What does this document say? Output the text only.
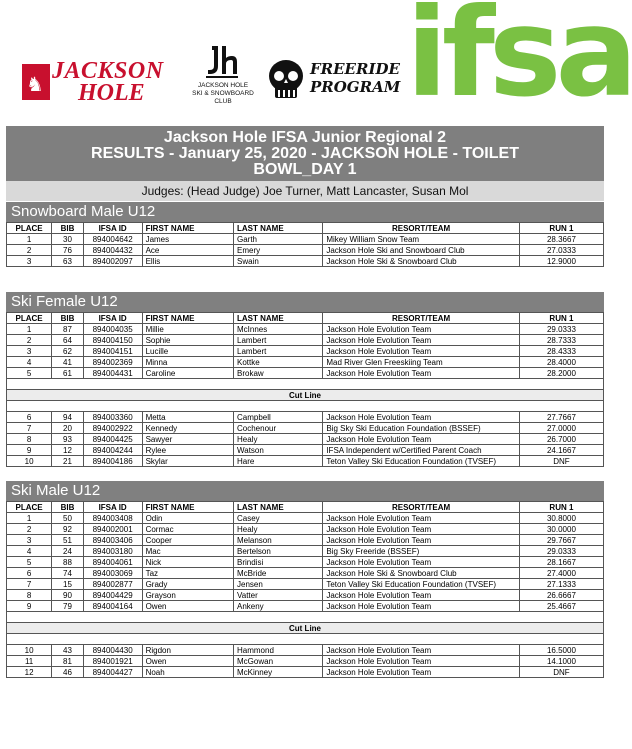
♞ JACKSON
HOLE	JACKSON HOLE
SKI & SNOWBOARD CLUB
FREERIDE
PROGRAM ifsa
Jackson Hole IFSA Junior Regional 2
RESULTS - January 25, 2020 - JACKSON HOLE - TOILET
BOWL_DAY 1
Judges: (Head Judge) Joe Turner, Matt Lancaster, Susan Mol
Snowboard Male U12
PLACE	BIB	IFSA ID	FIRST NAME	LAST NAME	RESORT/TEAM	RUN 1
1	30	894004642	James	Garth	Mikey William Snow Team	28.3667
2	76	894004432	Ace	Emery	Jackson Hole Ski and Snowboard Club	27.0333
3	63	894002097	Ellis	Swain	Jackson Hole Ski & Snowboard Club	12.9000
Ski Female U12
PLACE	BIB	IFSA ID	FIRST NAME	LAST NAME	RESORT/TEAM	RUN 1
1	87	894004035	Millie	McInnes	Jackson Hole Evolution Team	29.0333
2	64	894004150	Sophie	Lambert	Jackson Hole Evolution Team	28.7333
3	62	894004151	Lucille	Lambert	Jackson Hole Evolution Team	28.4333
4	41	894002369	Minna	Kottke	Mad River Glen Freeskiing Team	28.4000
5	61	894004431	Caroline	Brokaw	Jackson Hole Evolution Team	28.2000

Cut Line						

6	94	894003360	Metta	Campbell	Jackson Hole Evolution Team	27.7667
7	20	894002922	Kennedy	Cochenour	Big Sky Ski Education Foundation (BSSEF)	27.0000
8	93	894004425	Sawyer	Healy	Jackson Hole Evolution Team	26.7000
9	12	894004244	Rylee	Watson	IFSA Independent w/Certified Parent Coach	24.1667
10	21	894004186	Skylar	Hare	Teton Valley Ski Education Foundation (TVSEF)	DNF
Ski Male U12
PLACE	BIB	IFSA ID	FIRST NAME	LAST NAME	RESORT/TEAM	RUN 1
1	50	894003408	Odin	Casey	Jackson Hole Evolution Team	30.8000
2	92	894002001	Cormac	Healy	Jackson Hole Evolution Team	30.0000
3	51	894003406	Cooper	Melanson	Jackson Hole Evolution Team	29.7667
4	24	894003180	Mac	Bertelson	Big Sky Freeride (BSSEF)	29.0333
5	88	894004061	Nick	Brindisi	Jackson Hole Evolution Team	28.1667
6	74	894003069	Taz	McBride	Jackson Hole Ski & Snowboard Club	27.4000
7	15	894002877	Grady	Jensen	Teton Valley Ski Education Foundation (TVSEF)	27.1333
8	90	894004429	Grayson	Vatter	Jackson Hole Evolution Team	26.6667
9	79	894004164	Owen	Ankeny	Jackson Hole Evolution Team	25.4667

Cut Line						

10	43	894004430	Rigdon	Hammond	Jackson Hole Evolution Team	16.5000
11	81	894001921	Owen	McGowan	Jackson Hole Evolution Team	14.1000
12	46	894004427	Noah	McKinney	Jackson Hole Evolution Team	DNF
